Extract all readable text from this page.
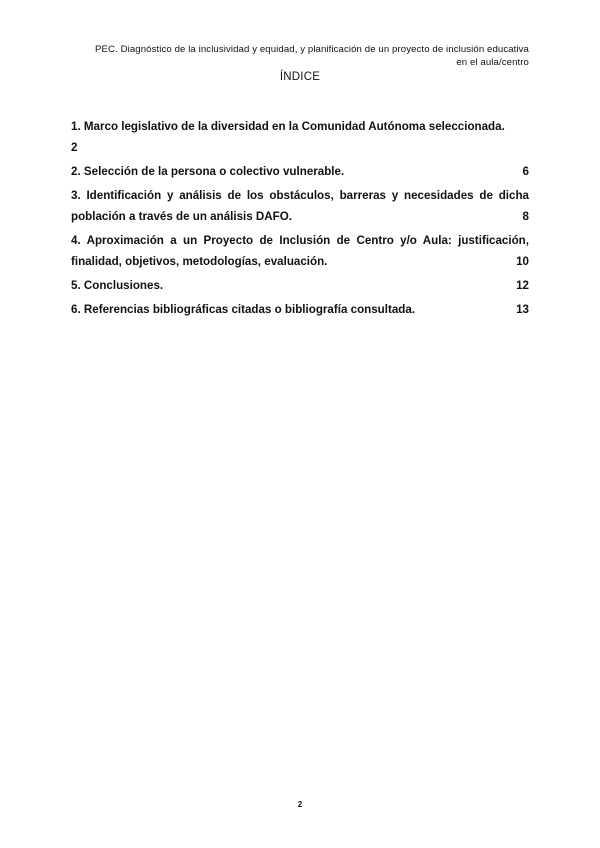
PEC. Diagnóstico de la inclusividad y equidad, y planificación de un proyecto de inclusión educativa
en el aula/centro
ÍNDICE
1. Marco legislativo de la diversidad en la Comunidad Autónoma seleccionada.
2
2. Selección de la persona o colectivo vulnerable.	6
3. Identificación y análisis de los obstáculos, barreras y necesidades de dicha
población a través de un análisis DAFO.	8
4. Aproximación a un Proyecto de Inclusión de Centro y/o Aula: justificación,
finalidad, objetivos, metodologías, evaluación.	10
5. Conclusiones.	12
6. Referencias bibliográficas citadas o bibliografía consultada.	13
2
